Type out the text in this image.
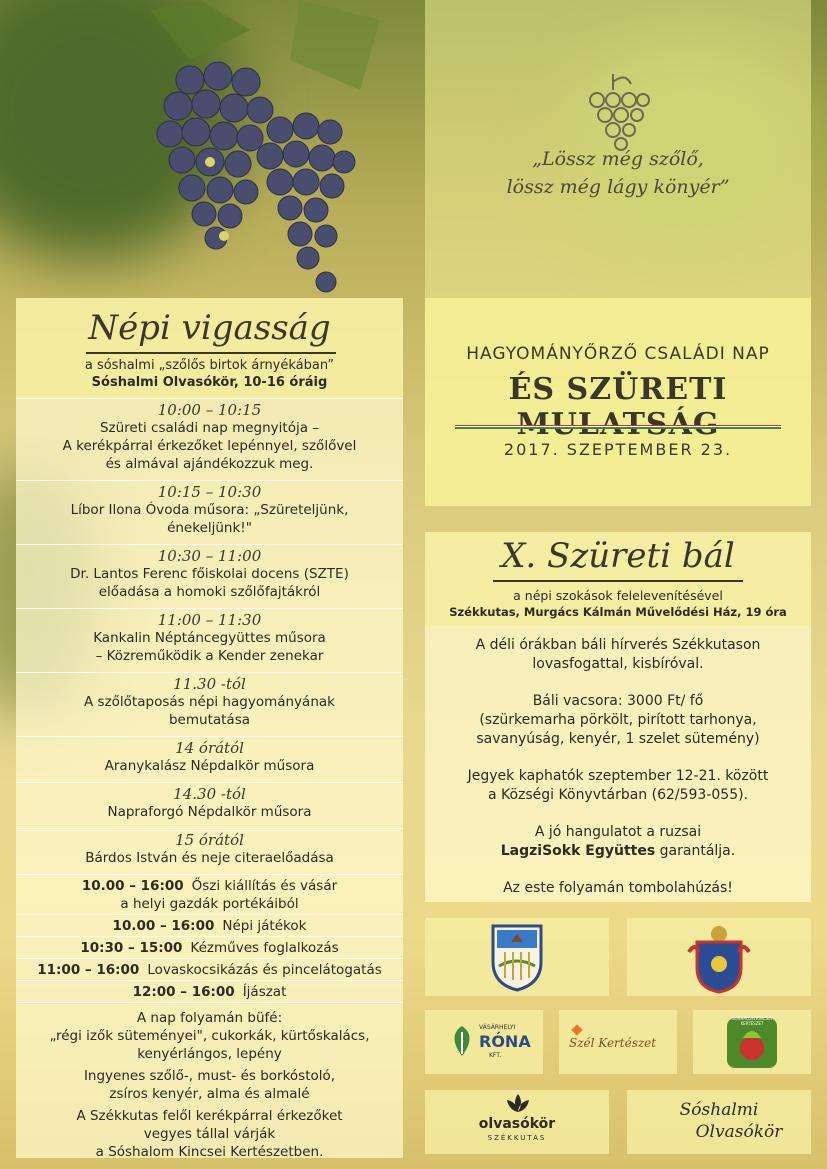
Népi vigasság
a sóshalmi „szőlős birtok árnyékában”
Sóshalmi Olvasókör, 10-16 óráig
10:00 – 10:15
Szüreti családi nap megnyitója –
A kerékpárral érkezőket lepénnyel, szőlővel
és almával ajándékozzuk meg.
10:15 – 10:30
Líbor Ilona Óvoda műsora: „Szüreteljünk,
énekeljünk!"
10:30 – 11:00
Dr. Lantos Ferenc főiskolai docens (SZTE)
előadása a homoki szőlőfajtákról
11:00 – 11:30
Kankalin Néptáncegyüttes műsora
– Közreműködik a Kender zenekar
11.30 -tól
A szőlőtaposás népi hagyományának
bemutatása
14 órától
Aranykalász Népdalkör műsora
14.30 -tól
Napraforgó Népdalkör műsora
15 órától
Bárdos István és neje citeraelőadása
10.00 – 16:00 Őszi kiállítás és vásár
a helyi gazdák portékáiból
10.00 – 16:00 Népi játékok
10:30 – 15:00 Kézműves foglalkozás
11:00 – 16:00 Lovaskocsikázás és pincelátogatás
12:00 – 16:00 Íjászat
A nap folyamán büfé:
„régi izők süteményei", cukorkák, kürtőskalács,
kenyérlángos, lepény
Ingyenes szőlő-, must- és borkóstoló,
zsíros kenyér, alma és almalé
A Székkutas felől kerékpárral érkezőket
vegyes tállal várják
a Sóshalom Kincsei Kertészetben.
„Lössz még szőlő,
lössz még lágy könyér”
HAGYOMÁNYŐRZŐ CSALÁDI NAP
ÉS SZÜRETI
2017. SZEPTEMBER 23.
X. Szüreti bál
a népi szokások felelevenítésével
Székkutas, Murgács Kálmán Művelődési Ház, 19 óra
A déli órákban báli hírverés Székkutason
lovasfogattal, kisbíróval.
Báli vacsora: 3000 Ft/ fő
(szürkemarha pörkölt, pirított tarhonya,
savanyúság, kenyér, 1 szelet sütemény)
Jegyek kaphatók szeptember 12-21. között
a Községi Könyvtárban (62/593-055).
A jó hangulatot a ruzsai
LagziSokk Együttes garantálja.
Az este folyamán tombolahúzás!
VÁSÁRHELYI
RÓNA
KFT.
Szél Kertészet
SÓSHALOM KINCSEI KERTÉSZET
olvasókör
SZÉKKUTAS
Sóshalmi
Olvasókör
